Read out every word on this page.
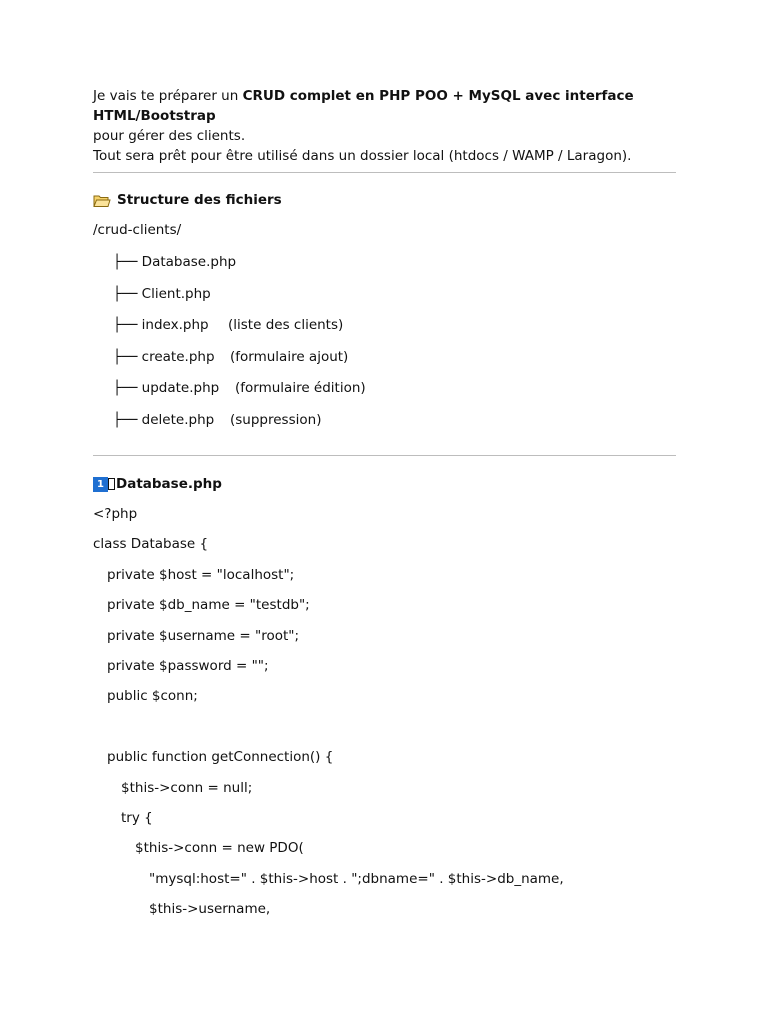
Je vais te préparer un CRUD complet en PHP POO + MySQL avec interface HTML/Bootstrap
pour gérer des clients.
Tout sera prêt pour être utilisé dans un dossier local (htdocs / WAMP / Laragon).

Structure des fichiers
/crud-clients/
├── Database.php
├── Client.php
├── index.php (liste des clients)
├── create.php (formulaire ajout)
├── update.php (formulaire édition)
├── delete.php (suppression)
1 Database.php
<?php
class Database {
private $host = "localhost";
private $db_name = "testdb";
private $username = "root";
private $password = "";
public $conn;
public function getConnection() {
$this->conn = null;
try {
$this->conn = new PDO(
"mysql:host=" . $this->host . ";dbname=" . $this->db_name,
$this->username,
